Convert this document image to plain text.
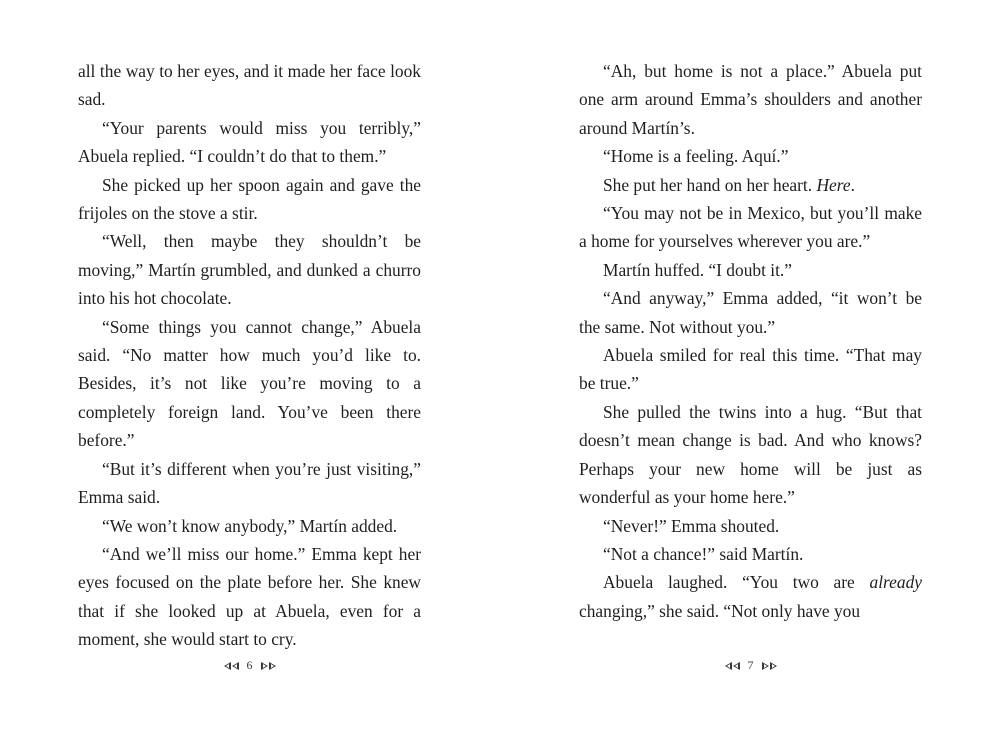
all the way to her eyes, and it made her face look sad.

“Your parents would miss you terribly,” Abuela replied. “I couldn’t do that to them.”

She picked up her spoon again and gave the frijoles on the stove a stir.

“Well, then maybe they shouldn’t be moving,” Martín grumbled, and dunked a churro into his hot chocolate.

“Some things you cannot change,” Abuela said. “No matter how much you’d like to. Besides, it’s not like you’re moving to a completely foreign land. You’ve been there before.”

“But it’s different when you’re just visiting,” Emma said.

“We won’t know anybody,” Martín added.

“And we’ll miss our home.” Emma kept her eyes focused on the plate before her. She knew that if she looked up at Abuela, even for a moment, she would start to cry.

6

“Ah, but home is not a place.” Abuela put one arm around Emma’s shoulders and another around Martín’s.

“Home is a feeling. Aquí.”

She put her hand on her heart. Here.

“You may not be in Mexico, but you’ll make a home for yourselves wherever you are.”

Martín huffed. “I doubt it.”

“And anyway,” Emma added, “it won’t be the same. Not without you.”

Abuela smiled for real this time. “That may be true.”

She pulled the twins into a hug. “But that doesn’t mean change is bad. And who knows? Perhaps your new home will be just as wonderful as your home here.”

“Never!” Emma shouted.

“Not a chance!” said Martín.

Abuela laughed. “You two are already changing,” she said. “Not only have you

7
